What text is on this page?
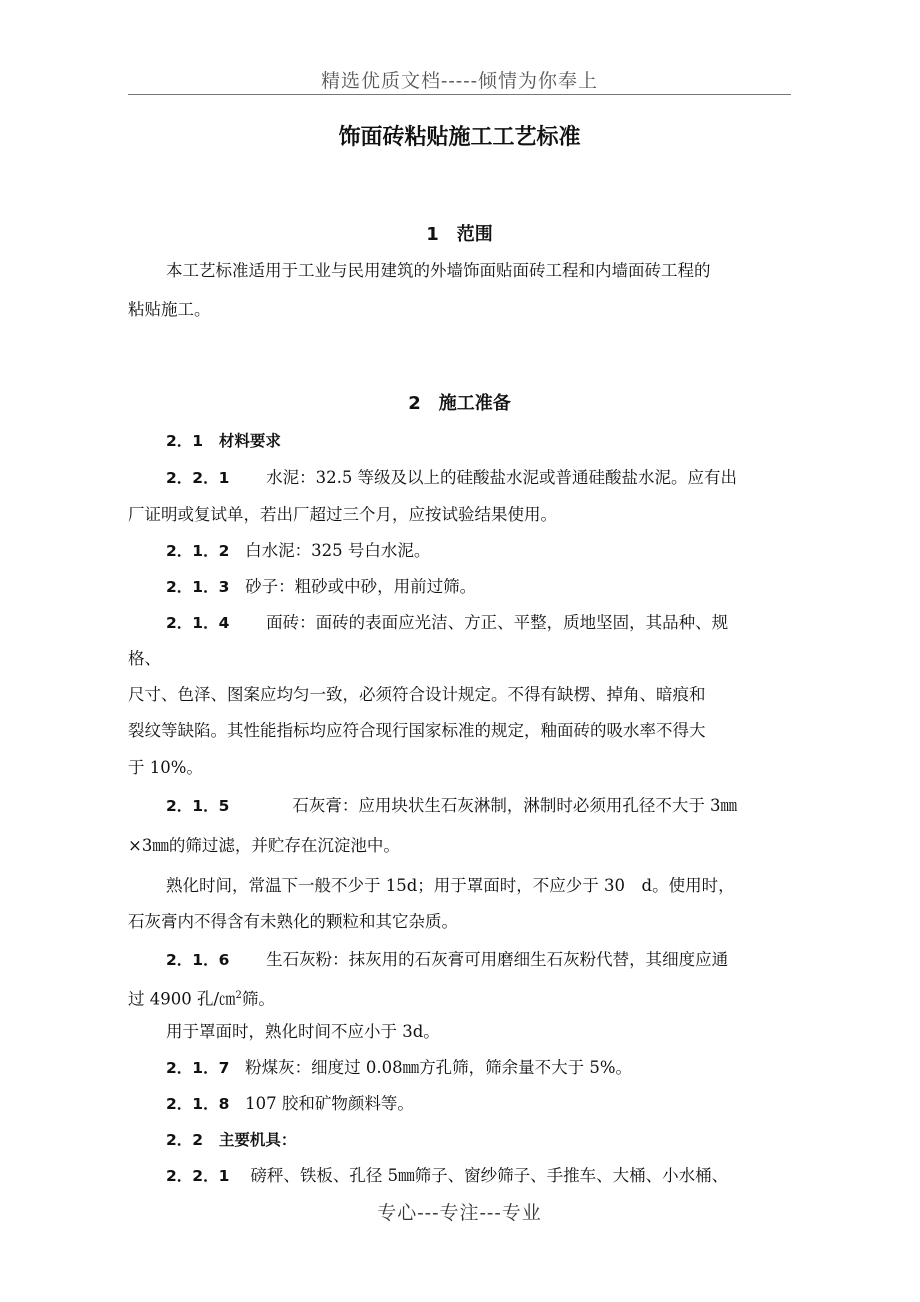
精选优质文档-----倾情为你奉上
饰面砖粘贴施工工艺标准
1　范围
本工艺标准适用于工业与民用建筑的外墙饰面贴面砖工程和内墙面砖工程的
粘贴施工。
2　施工准备
2．1 材料要求
2．2．1 水泥：32.5 等级及以上的硅酸盐水泥或普通硅酸盐水泥。应有出
厂证明或复试单，若出厂超过三个月，应按试验结果使用。
2．1．2 白水泥：325 号白水泥。
2．1．3 砂子：粗砂或中砂，用前过筛。
2．1．4 面砖：面砖的表面应光洁、方正、平整，质地坚固，其品种、规
格、
尺寸、色泽、图案应均匀一致，必须符合设计规定。不得有缺楞、掉角、暗痕和
裂纹等缺陷。其性能指标均应符合现行国家标准的规定，釉面砖的吸水率不得大
于 10%。
2．1．5	石灰膏：应用块状生石灰淋制，淋制时必须用孔径不大于 3㎜
×3㎜的筛过滤，并贮存在沉淀池中。
熟化时间，常温下一般不少于 15d；用于罩面时，不应少于 30　d。使用时，
石灰膏内不得含有未熟化的颗粒和其它杂质。
2．1．6 生石灰粉：抹灰用的石灰膏可用磨细生石灰粉代替，其细度应通
过 4900 孔/㎝$^2$筛。
用于罩面时，熟化时间不应小于 3d。
2．1．7 粉煤灰：细度过 0.08㎜方孔筛，筛余量不大于 5%。
2．1．8 107 胶和矿物颜料等。
2．2 主要机具：
2．2．1 磅秤、铁板、孔径 5㎜筛子、窗纱筛子、手推车、大桶、小水桶、
专心---专注---专业
